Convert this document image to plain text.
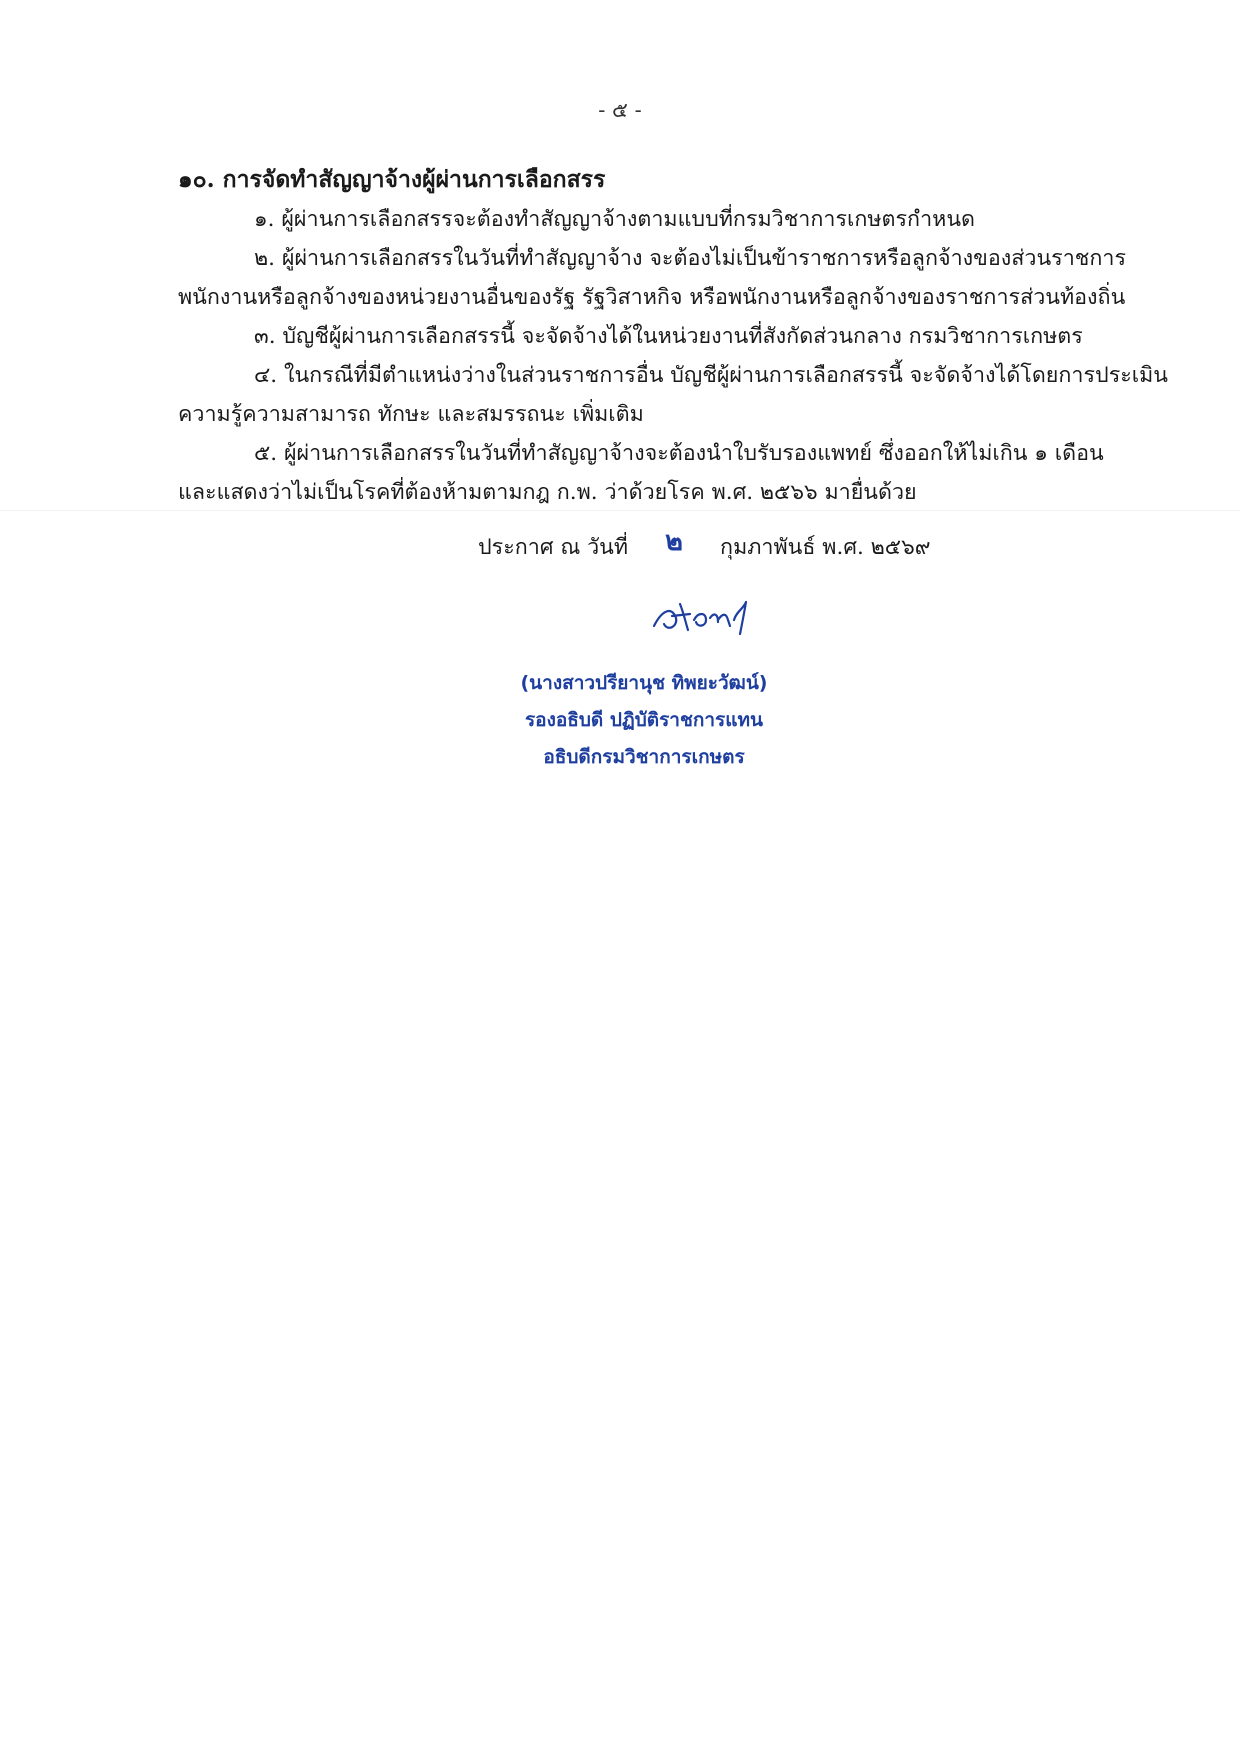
- ๕ -
๑๐. การจัดทำสัญญาจ้างผู้ผ่านการเลือกสรร

๑. ผู้ผ่านการเลือกสรรจะต้องทำสัญญาจ้างตามแบบที่กรมวิชาการเกษตรกำหนด

๒. ผู้ผ่านการเลือกสรรในวันที่ทำสัญญาจ้าง จะต้องไม่เป็นข้าราชการหรือลูกจ้างของส่วนราชการ
พนักงานหรือลูกจ้างของหน่วยงานอื่นของรัฐ รัฐวิสาหกิจ หรือพนักงานหรือลูกจ้างของราชการส่วนท้องถิ่น

๓. บัญชีผู้ผ่านการเลือกสรรนี้ จะจัดจ้างได้ในหน่วยงานที่สังกัดส่วนกลาง กรมวิชาการเกษตร

๔. ในกรณีที่มีตำแหน่งว่างในส่วนราชการอื่น บัญชีผู้ผ่านการเลือกสรรนี้ จะจัดจ้างได้โดยการประเมิน
ความรู้ความสามารถ ทักษะ และสมรรถนะ เพิ่มเติม

๕. ผู้ผ่านการเลือกสรรในวันที่ทำสัญญาจ้างจะต้องนำใบรับรองแพทย์ ซึ่งออกให้ไม่เกิน ๑ เดือน
และแสดงว่าไม่เป็นโรคที่ต้องห้ามตามกฎ ก.พ. ว่าด้วยโรค พ.ศ. ๒๕๖๖ มายื่นด้วย

ประกาศ ณ วันที่	๒	กุมภาพันธ์ พ.ศ. ๒๕๖๙
(นางสาวปรียานุช ทิพยะวัฒน์)
รองอธิบดี ปฏิบัติราชการแทน
อธิบดีกรมวิชาการเกษตร
